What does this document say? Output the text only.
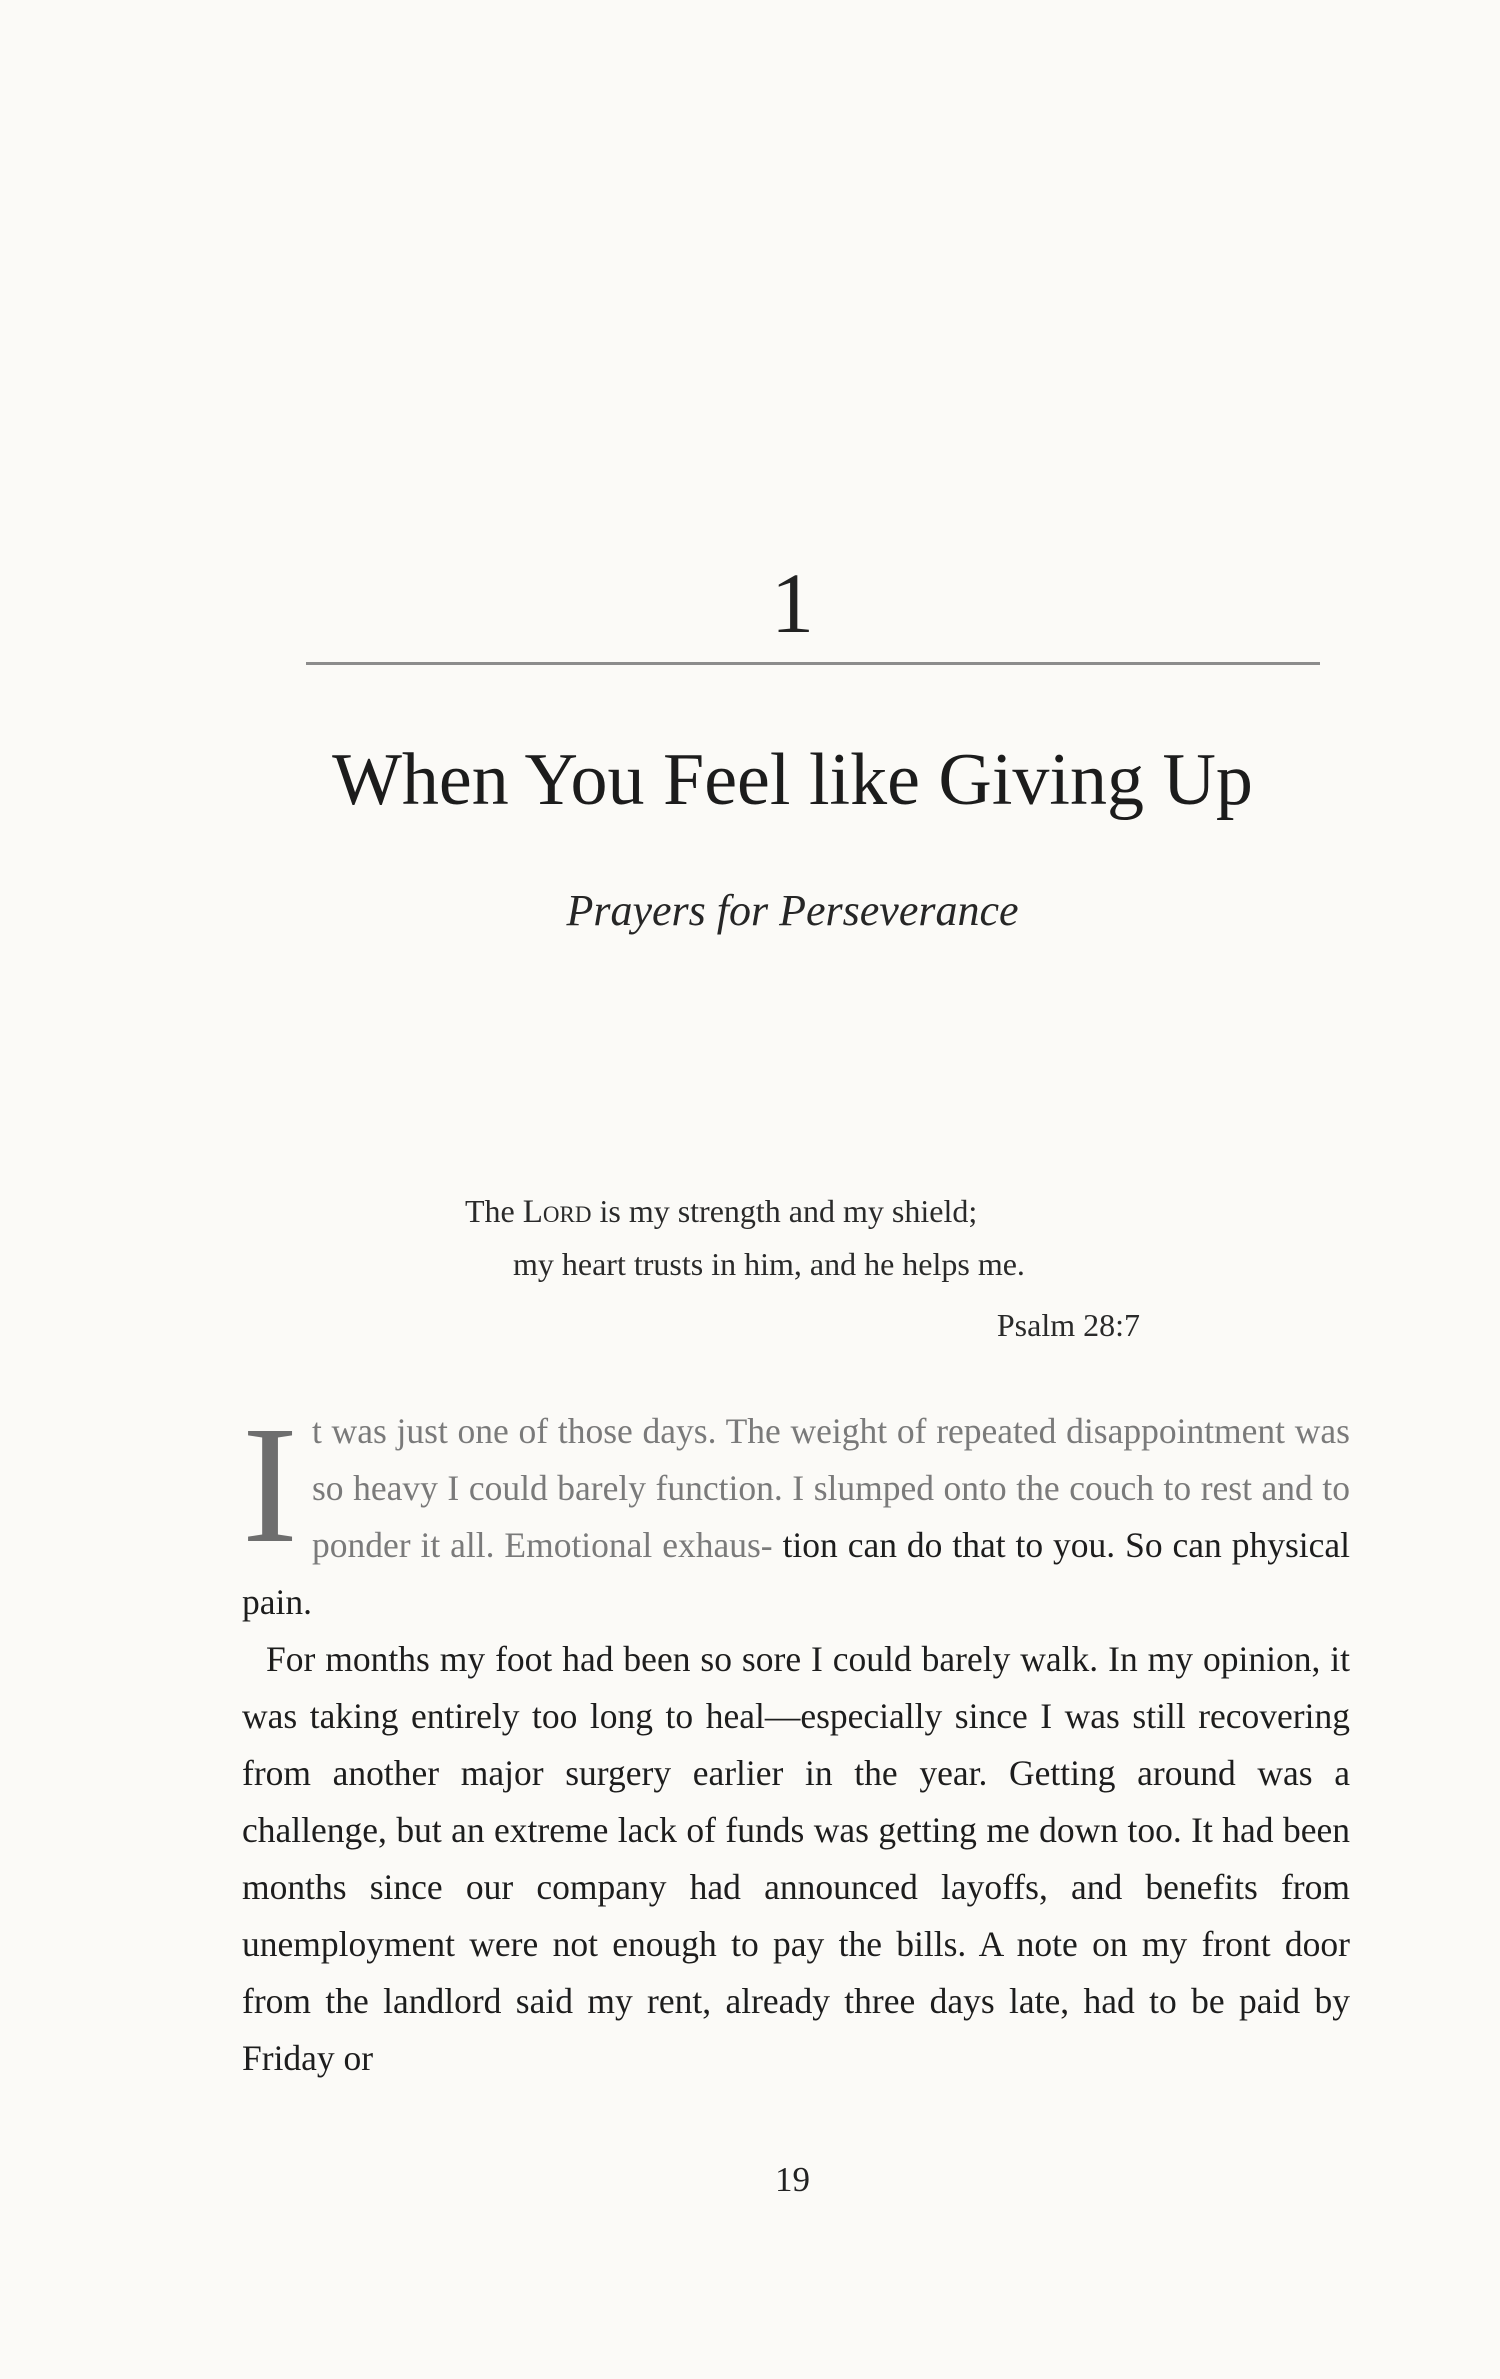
1
When You Feel like Giving Up
Prayers for Perseverance
The Lord is my strength and my shield;
my heart trusts in him, and he helps me.
Psalm 28:7

It was just one of those days. The weight of repeated disappointment was so heavy I could barely function. I slumped onto the couch to rest and to ponder it all. Emotional exhaus- tion can do that to you. So can physical pain.

For months my foot had been so sore I could barely walk. In my opinion, it was taking entirely too long to heal—especially since I was still recovering from another major surgery earlier in the year. Getting around was a challenge, but an extreme lack of funds was getting me down too. It had been months since our company had announced layoffs, and benefits from unemployment were not enough to pay the bills. A note on my front door from the landlord said my rent, already three days late, had to be paid by Friday or

19
